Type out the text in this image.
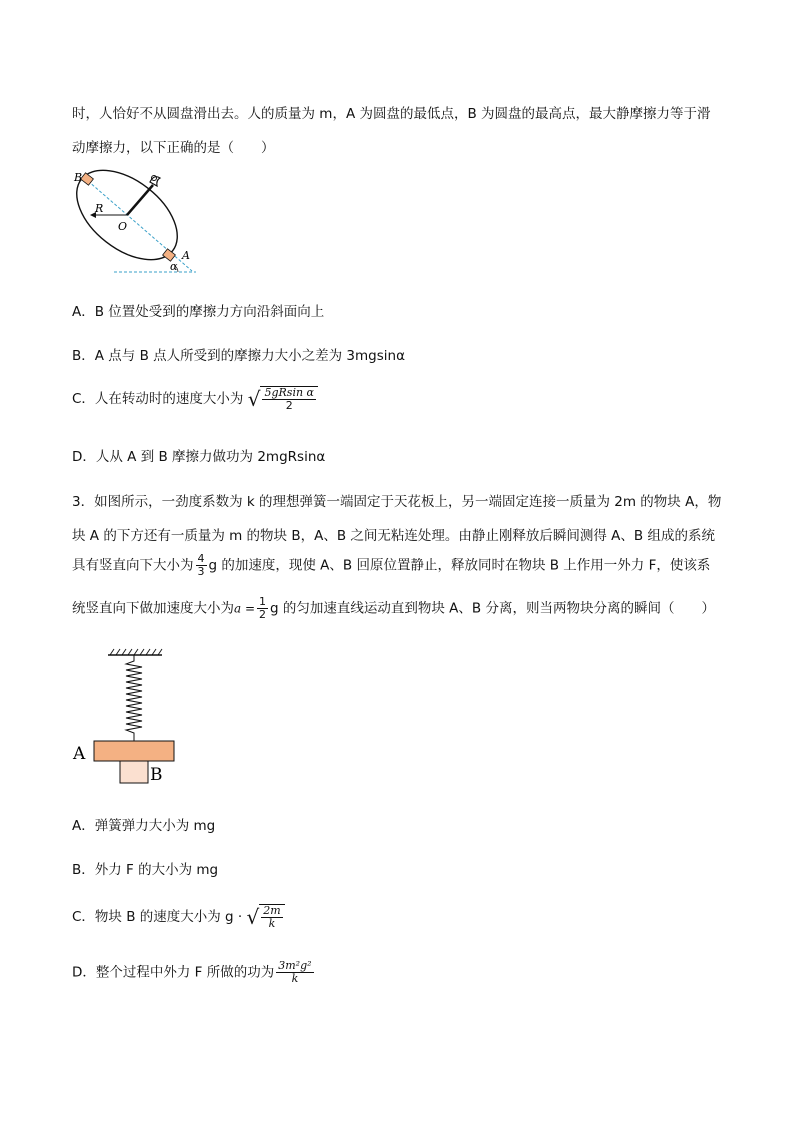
时，人恰好不从圆盘滑出去。人的质量为 m，A 为圆盘的最低点，B 为圆盘的最高点，最大静摩擦力等于滑
动摩擦力，以下正确的是（　　）
B
R
O
A
α
A．B 位置处受到的摩擦力方向沿斜面向上
B．A 点与 B 点人所受到的摩擦力大小之差为 3mgsinα
C．人在转动时的速度大小为 √ $\frac{\text{5gRsin α}}{2}$
D．人从 A 到 B 摩擦力做功为 2mgRsinα
3．如图所示，一劲度系数为 k 的理想弹簧一端固定于天花板上，另一端固定连接一质量为 2m 的物块 A，物
块 A 的下方还有一质量为 m 的物块 B，A、B 之间无粘连处理。由静止刚释放后瞬间测得 A、B 组成的系统
具有竖直向下大小为 $\frac{4}{3}$ g 的加速度，现使 A、B 回原位置静止，释放同时在物块 B 上作用一外力 F，使该系
统竖直向下做加速度大小为$a = \frac{1}{2}$ g 的匀加速直线运动直到物块 A、B 分离，则当两物块分离的瞬间（　　）
A
B
A．弹簧弹力大小为 mg
B．外力 F 的大小为 mg
C．物块 B 的速度大小为 g · √ $\frac{2m}{k}$
D．整个过程中外力 F 所做的功为 $\frac{\text{3m²g²}}{k}$
